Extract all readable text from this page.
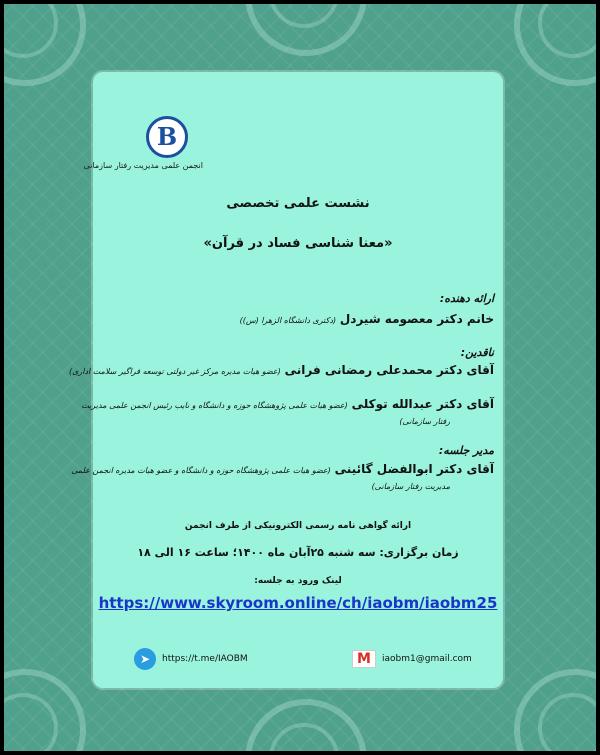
B
انجمن علمی مدیریت رفتار سازمانی
نشست علمی تخصصی
«معنا شناسی فساد در قرآن»
ارائه دهنده:
خانم دکتر معصومه شیردل (دکتری دانشگاه الزهرا (س))
ناقدین:
آقای دکتر محمدعلی رمضانی فرانی (عضو هیات مدیره مرکز غیر دولتی توسعه فراگیر سلامت اداری)
آقای دکتر عبدالله توکلی (عضو هیات علمی پژوهشگاه حوزه و دانشگاه و نایب رئیس انجمن علمی مدیریت
رفتار سازمانی)
مدیر جلسه:
آقای دکتر ابوالفضل گائینی (عضو هیات علمی پژوهشگاه حوزه و دانشگاه و عضو هیات مدیره انجمن علمی
مدیریت رفتار سازمانی)
ارائه گواهی نامه رسمی الکترونیکی از طرف انجمن
زمان برگزاری: سه شنبه ۲۵آبان ماه ۱۴۰۰؛ ساعت ۱۶ الی ۱۸
لینک ورود به جلسه:
https://www.skyroom.online/ch/iaobm/iaobm25
➤	https://t.me/IAOBM	M	iaobm1@gmail.com
